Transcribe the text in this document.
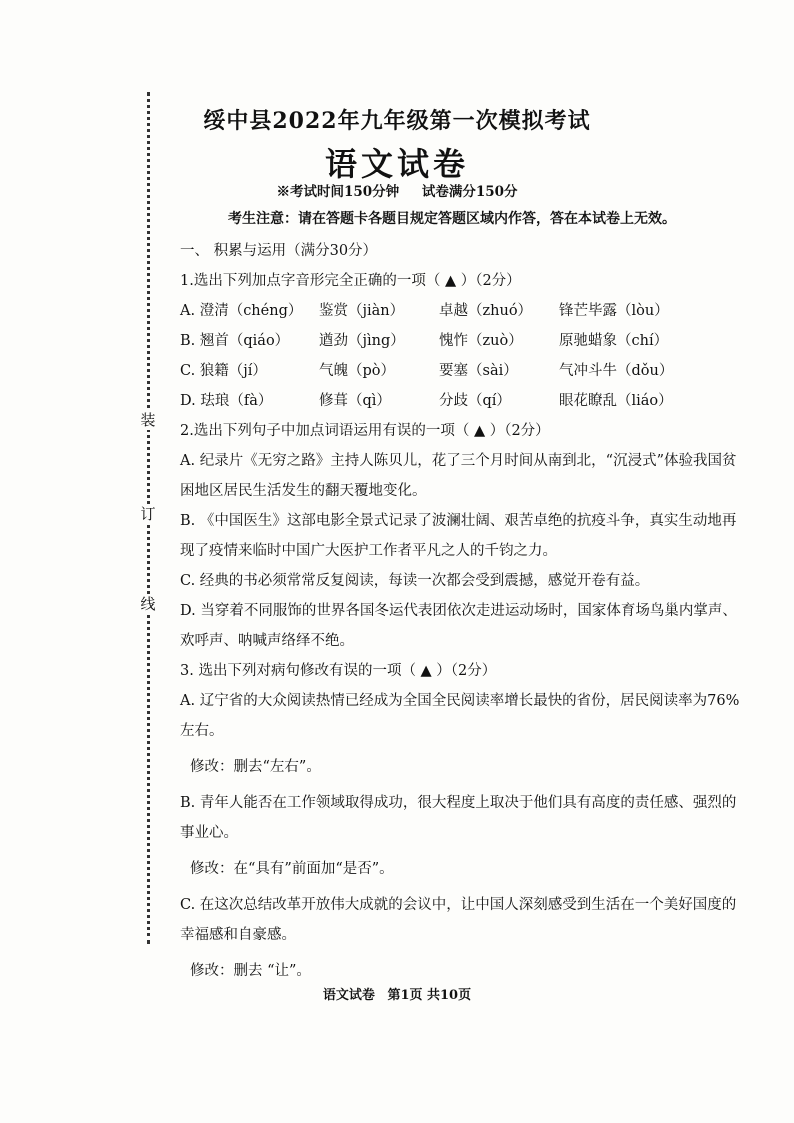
装
订
线
绥中县2022年九年级第一次模拟考试
语文试卷
※考试时间150分钟 试卷满分150分
考生注意：请在答题卡各题目规定答题区域内作答，答在本试卷上无效。
一、 积累与运用（满分30分）

1.选出下列加点字音形完全正确的一项（ ▲ ）（2分）

A. 澄清（chéng）	鉴赏（jiàn）	卓越（zhuó）	锋芒毕露（lòu）
B. 翘首（qiáo）	遒劲（jìng）	愧怍（zuò）	原驰蜡象（chí）
C. 狼籍（jí）	气魄（pò）	要塞（sài）	气冲斗牛（dǒu）
D. 珐琅（fà）	修葺（qì）	分歧（qí）	眼花瞭乱（liáo）

2.选出下列句子中加点词语运用有误的一项（ ▲ ）（2分）

A. 纪录片《无穷之路》主持人陈贝儿，花了三个月时间从南到北，“沉浸式”体验我国贫困地区居民生活发生的翻天覆地变化。

B. 《中国医生》这部电影全景式记录了波澜壮阔、艰苦卓绝的抗疫斗争，真实生动地再现了疫情来临时中国广大医护工作者平凡之人的千钧之力。

C. 经典的书必须常常反复阅读，每读一次都会受到震撼，感觉开卷有益。

D. 当穿着不同服饰的世界各国冬运代表团依次走进运动场时，国家体育场鸟巢内掌声、欢呼声、呐喊声络绎不绝。

3. 选出下列对病句修改有误的一项（ ▲ ）（2分）

A. 辽宁省的大众阅读热情已经成为全国全民阅读率增长最快的省份，居民阅读率为76%左右。

修改：删去“左右”。

B. 青年人能否在工作领域取得成功，很大程度上取决于他们具有高度的责任感、强烈的事业心。

修改：在“具有”前面加“是否”。

C. 在这次总结改革开放伟大成就的会议中，让中国人深刻感受到生活在一个美好国度的幸福感和自豪感。

修改：删去 “让”。

语文试卷 第1页 共10页
